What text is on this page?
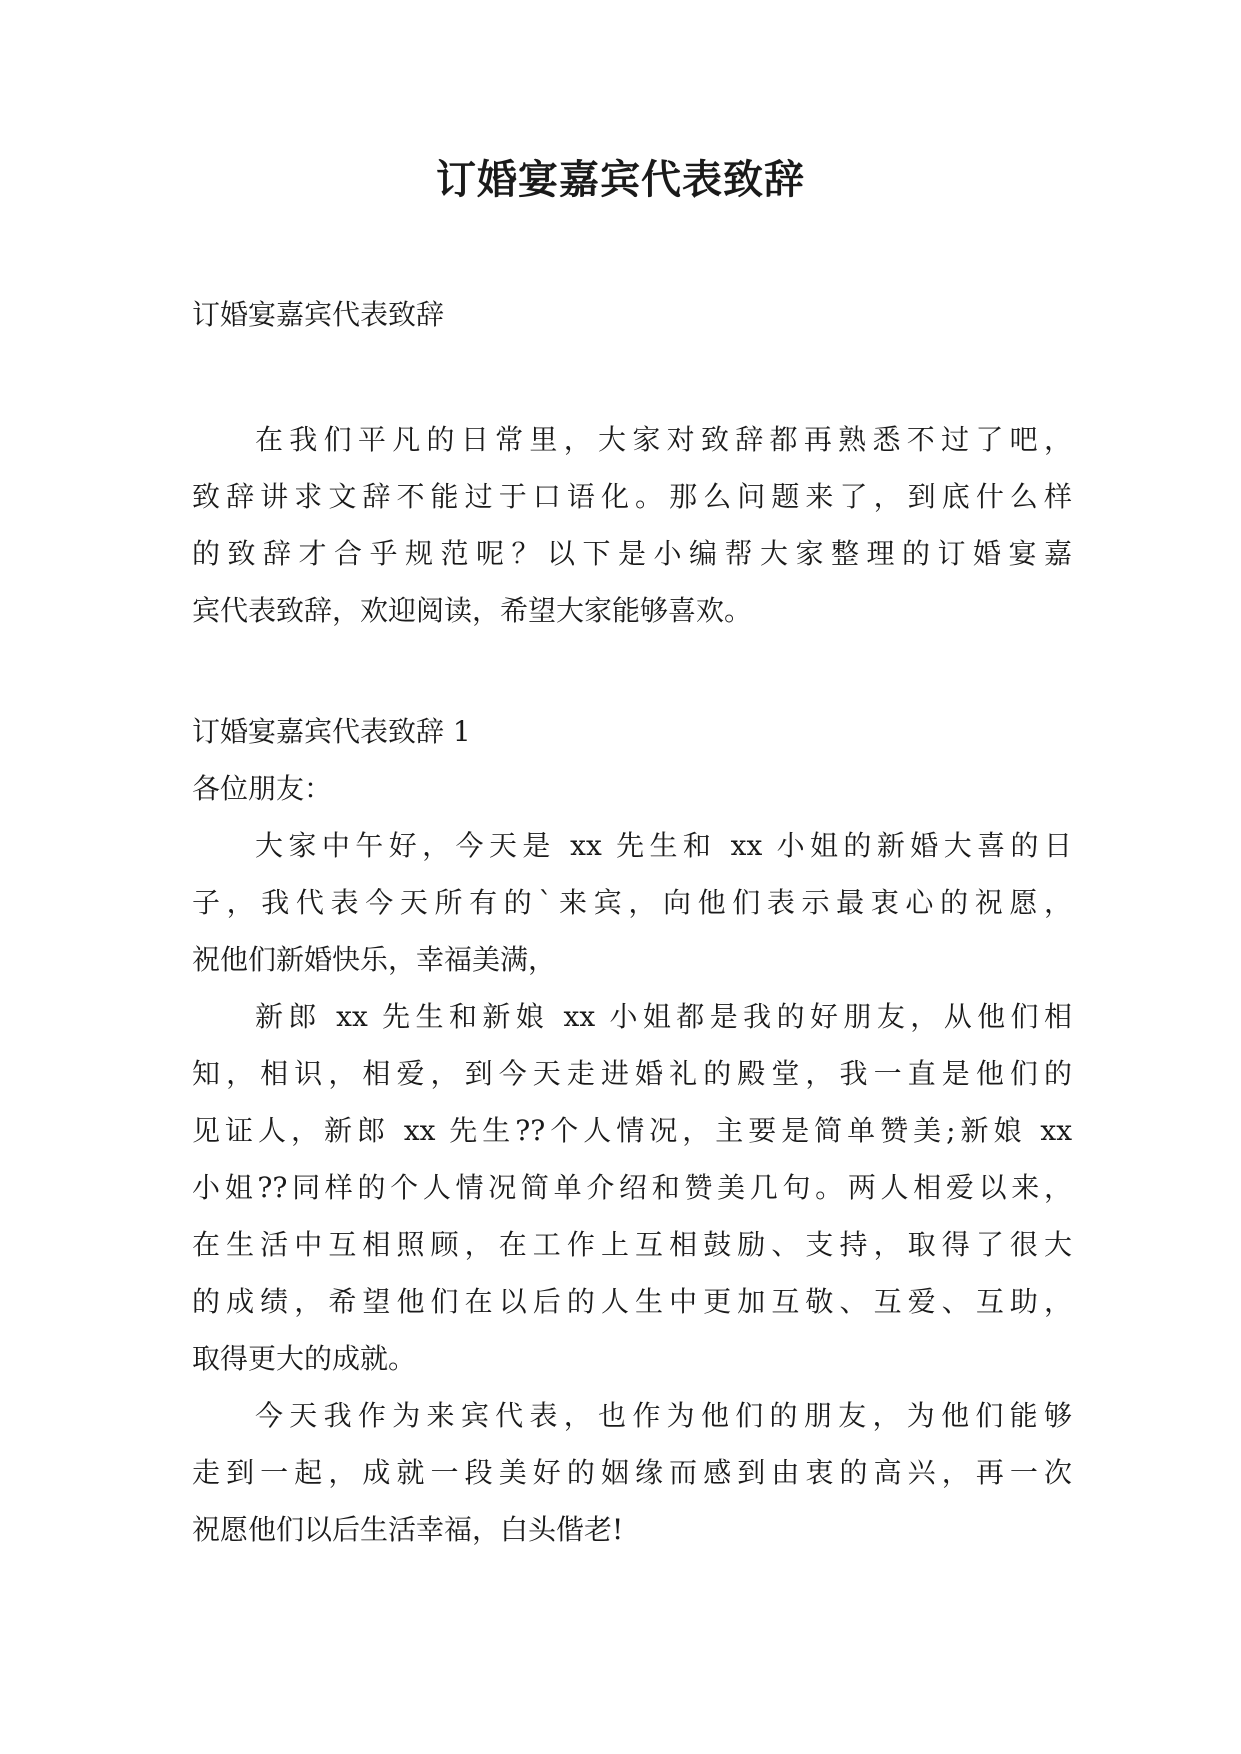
订婚宴嘉宾代表致辞
订婚宴嘉宾代表致辞
在我们平凡的日常里，大家对致辞都再熟悉不过了吧，
致辞讲求文辞不能过于口语化。那么问题来了，到底什么样
的致辞才合乎规范呢？以下是小编帮大家整理的订婚宴嘉
宾代表致辞，欢迎阅读，希望大家能够喜欢。
订婚宴嘉宾代表致辞 1
各位朋友：
大家中午好，今天是 xx 先生和 xx 小姐的新婚大喜的日
子，我代表今天所有的`来宾，向他们表示最衷心的祝愿，
祝他们新婚快乐，幸福美满，
新郎 xx 先生和新娘 xx 小姐都是我的好朋友，从他们相
知，相识，相爱，到今天走进婚礼的殿堂，我一直是他们的
见证人，新郎 xx 先生??个人情况，主要是简单赞美;新娘 xx
小姐??同样的个人情况简单介绍和赞美几句。两人相爱以来，
在生活中互相照顾，在工作上互相鼓励、支持，取得了很大
的成绩，希望他们在以后的人生中更加互敬、互爱、互助，
取得更大的成就。
今天我作为来宾代表，也作为他们的朋友，为他们能够
走到一起，成就一段美好的姻缘而感到由衷的高兴，再一次
祝愿他们以后生活幸福，白头偕老!
